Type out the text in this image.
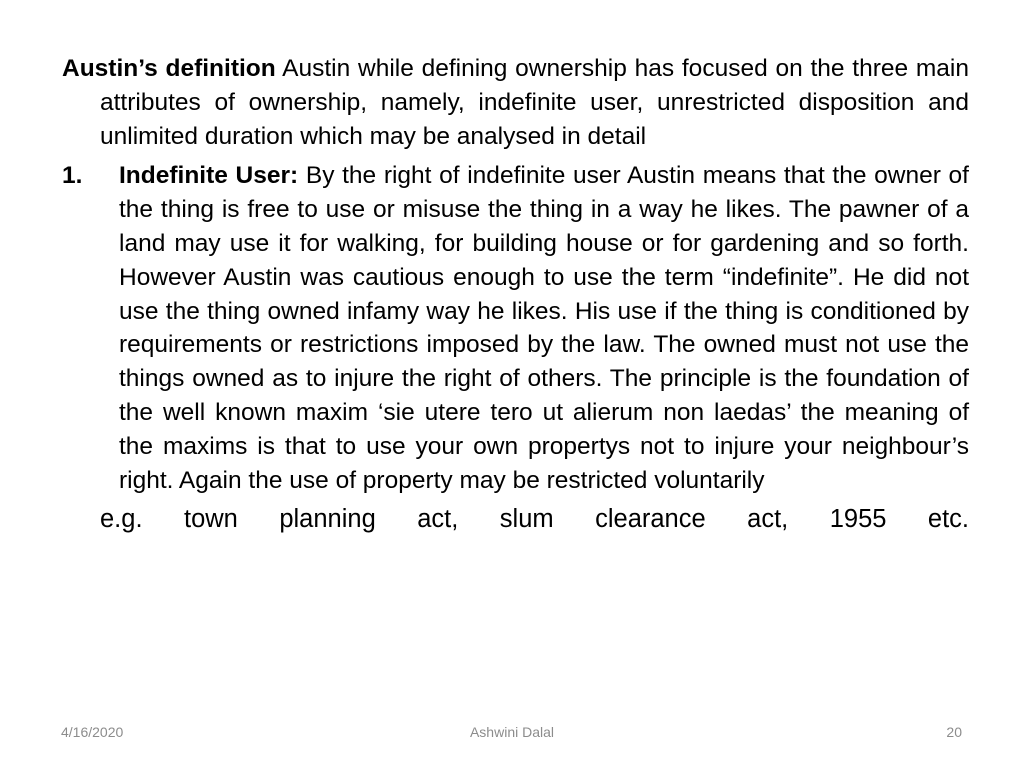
Austin’s definition Austin while defining ownership has focused on the three main attributes of ownership, namely, indefinite user, unrestricted disposition and unlimited duration which may be analysed in detail

1. Indefinite User: By the right of indefinite user Austin means that the owner of the thing is free to use or misuse the thing in a way he likes. The pawner of a land may use it for walking, for building house or for gardening and so forth. However Austin was cautious enough to use the term “indefinite”. He did not use the thing owned infamy way he likes. His use if the thing is conditioned by requirements or restrictions imposed by the law. The owned must not use the things owned as to injure the right of others. The principle is the foundation of the well known maxim ‘sie utere tero ut alierum non laedas’ the meaning of the maxims is that to use your own propertys not to injure your neighbour’s right. Again the use of property may be restricted voluntarily

e.g. town planning act, slum clearance act, 1955 etc.

4/16/2020	Ashwini Dalal	20
